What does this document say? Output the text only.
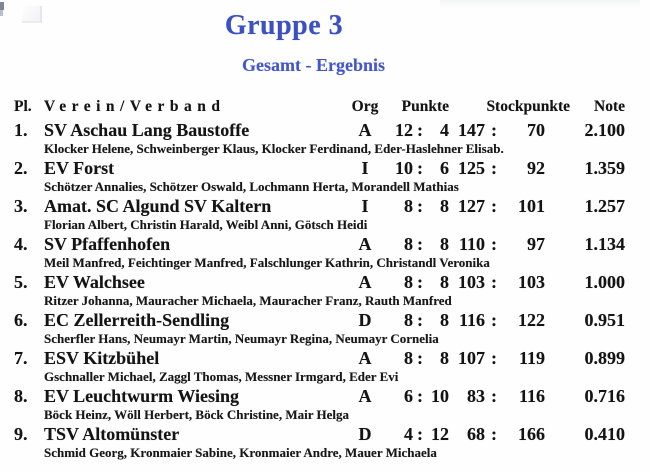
Gruppe 3
Gesamt - Ergebnis
Pl. Verein/Verband	Org	Punkte	Stockpunkte	Note
1. SV Aschau Lang Baustoffe	A	12 : 4 147 :	70	2.100
Klocker Helene, Schweinberger Klaus, Klocker Ferdinand, Eder-Haslehner Elisab.
2. EV Forst	I	10 : 6 125 :	92	1.359
Schötzer Annalies, Schötzer Oswald, Lochmann Herta, Morandell Mathias
3. Amat. SC Algund SV Kaltern	I	8 : 8 127 :	101	1.257
Florian Albert, Christin Harald, Weibl Anni, Götsch Heidi
4. SV Pfaffenhofen	A	8 : 8 110 :	97	1.134
Meil Manfred, Feichtinger Manfred, Falschlunger Kathrin, Christandl Veronika
5. EV Walchsee	A	8 : 8 103 :	103	1.000
Ritzer Johanna, Mauracher Michaela, Mauracher Franz, Rauth Manfred
6. EC Zellerreith-Sendling	D	8 : 8 116 :	122	0.951
Scherfler Hans, Neumayr Martin, Neumayr Regina, Neumayr Cornelia
7. ESV Kitzbühel	A	8 : 8 107 :	119	0.899
Gschnaller Michael, Zaggl Thomas, Messner Irmgard, Eder Evi
8. EV Leuchtwurm Wiesing	A	6 : 10	83 :	116	0.716
Böck Heinz, Wöll Herbert, Böck Christine, Mair Helga
9. TSV Altomünster	D	4 : 12	68 :	166	0.410
Schmid Georg, Kronmaier Sabine, Kronmaier Andre, Mauer Michaela
